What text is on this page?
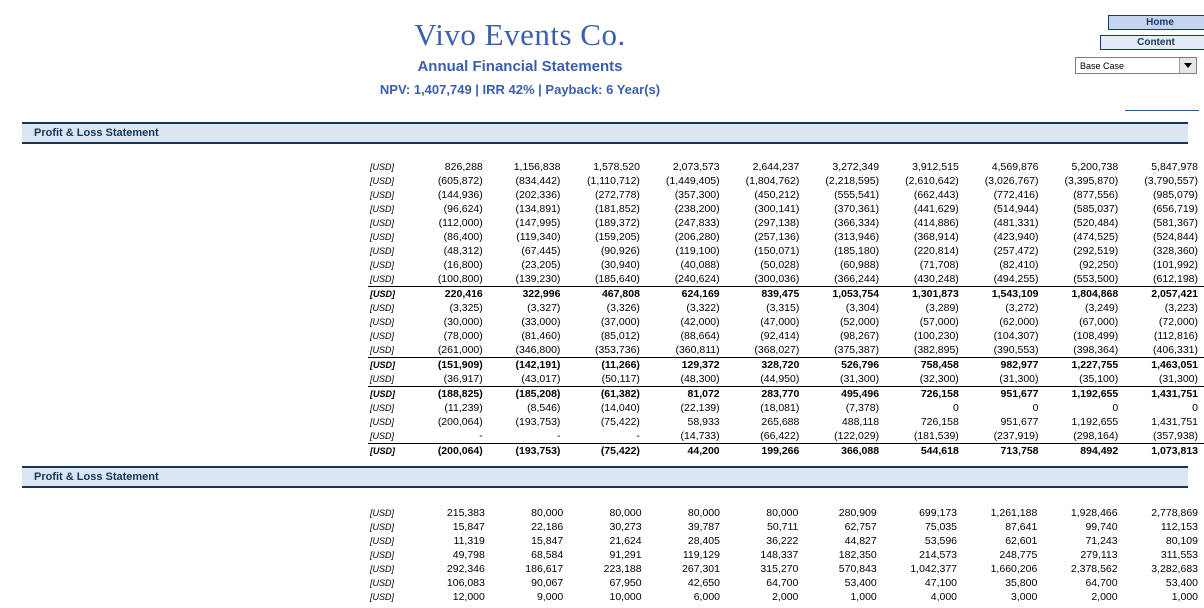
Vivo Events Co.
Annual Financial Statements
NPV: 1,407,749 | IRR 42% | Payback: 6 Year(s)
Home
Content
Base Case
Profit & Loss Statement
[USD]	826,288	1,156,838	1,578,520	2,073,573	2,644,237	3,272,349	3,912,515	4,569,876	5,200,738	5,847,978
[USD]	(605,872)	(834,442)	(1,110,712)	(1,449,405)	(1,804,762)	(2,218,595)	(2,610,642)	(3,026,767)	(3,395,870)	(3,790,557)
[USD]	(144,936)	(202,336)	(272,778)	(357,300)	(450,212)	(555,541)	(662,443)	(772,416)	(877,556)	(985,079)
[USD]	(96,624)	(134,891)	(181,852)	(238,200)	(300,141)	(370,361)	(441,629)	(514,944)	(585,037)	(656,719)
[USD]	(112,000)	(147,995)	(189,372)	(247,833)	(297,138)	(366,334)	(414,886)	(481,331)	(520,484)	(581,367)
[USD]	(86,400)	(119,340)	(159,205)	(206,280)	(257,136)	(313,946)	(368,914)	(423,940)	(474,525)	(524,844)
[USD]	(48,312)	(67,445)	(90,926)	(119,100)	(150,071)	(185,180)	(220,814)	(257,472)	(292,519)	(328,360)
[USD]	(16,800)	(23,205)	(30,940)	(40,088)	(50,028)	(60,988)	(71,708)	(82,410)	(92,250)	(101,992)
[USD]	(100,800)	(139,230)	(185,640)	(240,624)	(300,036)	(366,244)	(430,248)	(494,255)	(553,500)	(612,198)
[USD]	220,416	322,996	467,808	624,169	839,475	1,053,754	1,301,873	1,543,109	1,804,868	2,057,421
[USD]	(3,325)	(3,327)	(3,326)	(3,322)	(3,315)	(3,304)	(3,289)	(3,272)	(3,249)	(3,223)
[USD]	(30,000)	(33,000)	(37,000)	(42,000)	(47,000)	(52,000)	(57,000)	(62,000)	(67,000)	(72,000)
[USD]	(78,000)	(81,460)	(85,012)	(88,664)	(92,414)	(98,267)	(100,230)	(104,307)	(108,499)	(112,816)
[USD]	(261,000)	(346,800)	(353,736)	(360,811)	(368,027)	(375,387)	(382,895)	(390,553)	(398,364)	(406,331)
[USD]	(151,909)	(142,191)	(11,266)	129,372	328,720	526,796	758,458	982,977	1,227,755	1,463,051
[USD]	(36,917)	(43,017)	(50,117)	(48,300)	(44,950)	(31,300)	(32,300)	(31,300)	(35,100)	(31,300)
[USD]	(188,825)	(185,208)	(61,382)	81,072	283,770	495,496	726,158	951,677	1,192,655	1,431,751
[USD]	(11,239)	(8,546)	(14,040)	(22,139)	(18,081)	(7,378)	0	0	0	0
[USD]	(200,064)	(193,753)	(75,422)	58,933	265,688	488,118	726,158	951,677	1,192,655	1,431,751
[USD]	-	-	-	(14,733)	(66,422)	(122,029)	(181,539)	(237,919)	(298,164)	(357,938)
[USD]	(200,064)	(193,753)	(75,422)	44,200	199,266	366,088	544,618	713,758	894,492	1,073,813
Profit & Loss Statement
[USD]	215,383	80,000	80,000	80,000	80,000	280,909	699,173	1,261,188	1,928,466	2,778,869
[USD]	15,847	22,186	30,273	39,787	50,711	62,757	75,035	87,641	99,740	112,153
[USD]	11,319	15,847	21,624	28,405	36,222	44,827	53,596	62,601	71,243	80,109
[USD]	49,798	68,584	91,291	119,129	148,337	182,350	214,573	248,775	279,113	311,553
[USD]	292,346	186,617	223,188	267,301	315,270	570,843	1,042,377	1,660,206	2,378,562	3,282,683
[USD]	106,083	90,067	67,950	42,650	64,700	53,400	47,100	35,800	64,700	53,400
[USD]	12,000	9,000	10,000	6,000	2,000	1,000	4,000	3,000	2,000	1,000
